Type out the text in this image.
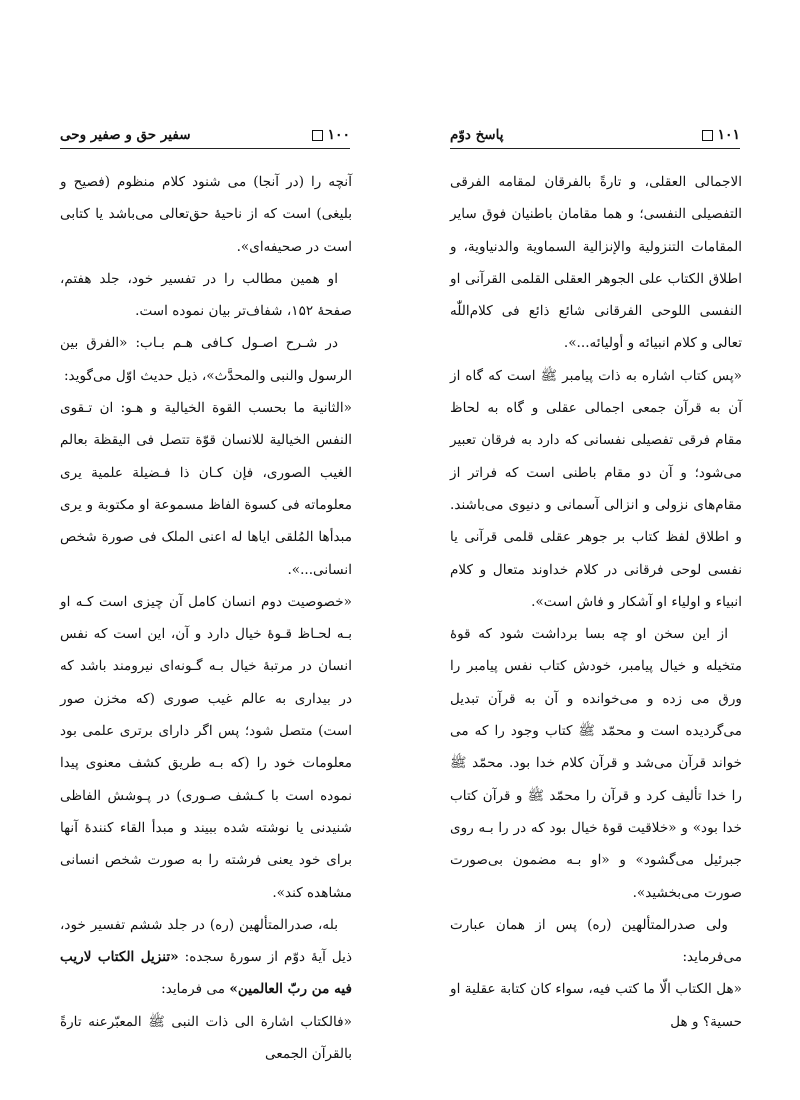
سفیر حق و صفیر وحی	۱۰۰

آنچه را (در آنجا) می شنود کلام منظوم (فصیح و بلیغی) است که از ناحیۀ حق‌تعالی می‌باشد یا کتابی است در صحیفه‌ای».

او همین مطالب را در تفسیر خود، جلد هفتم، صفحۀ ۱۵۲، شفاف‌تر بیان نموده است.

در شـرح اصـول کـافی هـم بـاب: «الفرق بین الرسول والنبی والمحدَّث»، ذیل حدیث اوّل می‌گوید:

«الثانیة ما بحسب القوة الخیالیة و هـو: ان تـقوی النفس الخیالیة للانسان قوّة تتصل فی الیقظة بعالم الغیب الصوری، فإن کـان ذا فـضیلة علمیة یری معلوماته فی کسوة الفاظ مسموعة او مکتوبة و یری مبدأها المُلقی ایاها له اعنی الملک فی صورة شخص انسانی...».

«خصوصیت دوم انسان کامل آن چیزی است کـه او بـه لحـاظ قـوۀ خیال دارد و آن، این است که نفس انسان در مرتبۀ خیال بـه گـونه‌ای نیرومند باشد که در بیداری به عالم غیب صوری (که مخزن صور است) متصل شود؛ پس اگر دارای برتری علمی بود معلومات خود را (که بـه طریق کشف معنوی پیدا نموده است با کـشف صـوری) در پـوشش الفاظی شنیدنی یا نوشته شده ببیند و مبدأ القاء کنندۀ آنها برای خود یعنی فرشته را به صورت شخص انسانی مشاهده کند».

بله، صدرالمتألهین (ره) در جلد ششم تفسیر خود، ذیل آیۀ دوّم از سورۀ سجده: «تنزیل الکتاب لاریب فیه من ربّ العالمین» می فرماید:

«فالکتاب اشارة الی ذات النبی ﷺ المعبّرعنه تارةً بالقرآن الجمعی

پاسخ دوّم	۱۰۱

الاجمالی العقلی، و تارةً بالفرقان لمقامه الفرقی التفصیلی النفسی؛ و هما مقامان باطنیان فوق سایر المقامات التنزولیة والإنزالیة السماویة والدنیاویة، و اطلاق الکتاب علی الجوهر العقلی القلمی القرآنی او النفسی اللوحی الفرقانی شائع ذائع فی کلام‌اللّٰه تعالی و کلام انبیائه و أولیائه...».

«پس کتاب اشاره به ذات پیامبر ﷺ است که گاه از آن به قرآن جمعی اجمالی عقلی و گاه به لحاظ مقام فرقی تفصیلی نفسانی که دارد به فرقان تعبیر می‌شود؛ و آن دو مقام باطنی است که فراتر از مقام‌های نزولی و انزالی آسمانی و دنیوی می‌باشند. و اطلاق لفظ کتاب بر جوهر عقلی قلمی قرآنی یا نفسی لوحی فرقانی در کلام خداوند متعال و کلام انبیاء و اولیاء او آشکار و فاش است».

از این سخن او چه بسا برداشت شود که قوۀ متخیله و خیال پیامبر، خودش کتاب نفس پیامبر را ورق می زده و می‌خوانده و آن به قرآن تبدیل می‌گردیده است و محمّد ﷺ کتاب وجود را که می خواند قرآن می‌شد و قرآن کلام خدا بود. محمّد ﷺ را خدا تألیف کرد و قرآن را محمّد ﷺ و قرآن کتاب خدا بود» و «خلاقیت قوۀ خیال بود که در را بـه روی جبرئیل می‌گشود» و «او بـه مضمون بی‌صورت صورت می‌بخشید».

ولی صدرالمتألهین (ره) پس از همان عبارت می‌فرماید:

«هل الکتاب الّا ما کتب فیه، سواء کان کتابة عقلیة او حسیة؟ و هل
